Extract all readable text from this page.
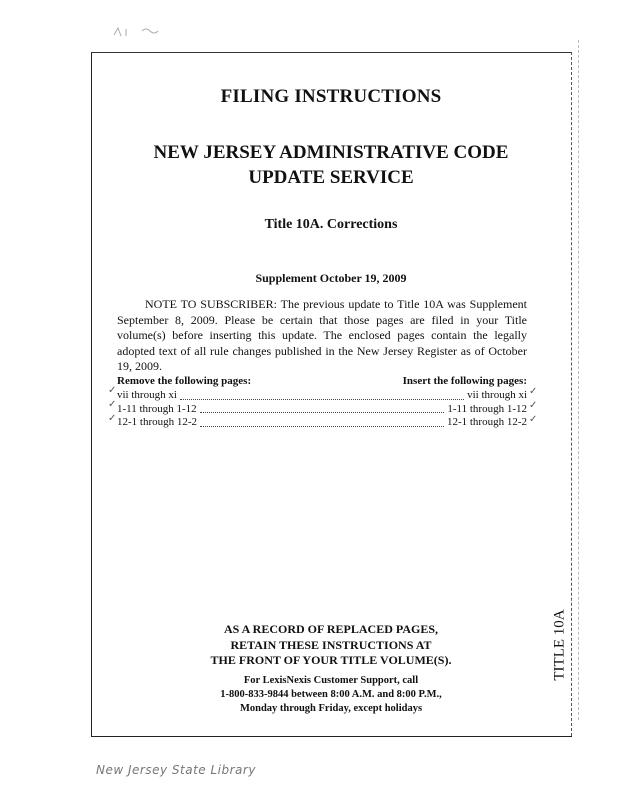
FILING INSTRUCTIONS
NEW JERSEY ADMINISTRATIVE CODE
UPDATE SERVICE
Title 10A. Corrections
Supplement October 19, 2009
NOTE TO SUBSCRIBER: The previous update to Title 10A was Supplement September 8, 2009. Please be certain that those pages are filed in your Title volume(s) before inserting this update. The enclosed pages contain the legally adopted text of all rule changes published in the New Jersey Register as of October 19, 2009.
Remove the following pages:	Insert the following pages:
vii through xi	vii through xi
1-11 through 1-12	1-11 through 1-12
12-1 through 12-2	12-1 through 12-2
✓
✓
✓
✓
✓
✓
AS A RECORD OF REPLACED PAGES,
RETAIN THESE INSTRUCTIONS AT
THE FRONT OF YOUR TITLE VOLUME(S).
For LexisNexis Customer Support, call
1-800-833-9844 between 8:00 A.M. and 8:00 P.M.,
Monday through Friday, except holidays
TITLE 10A
New Jersey State Library
